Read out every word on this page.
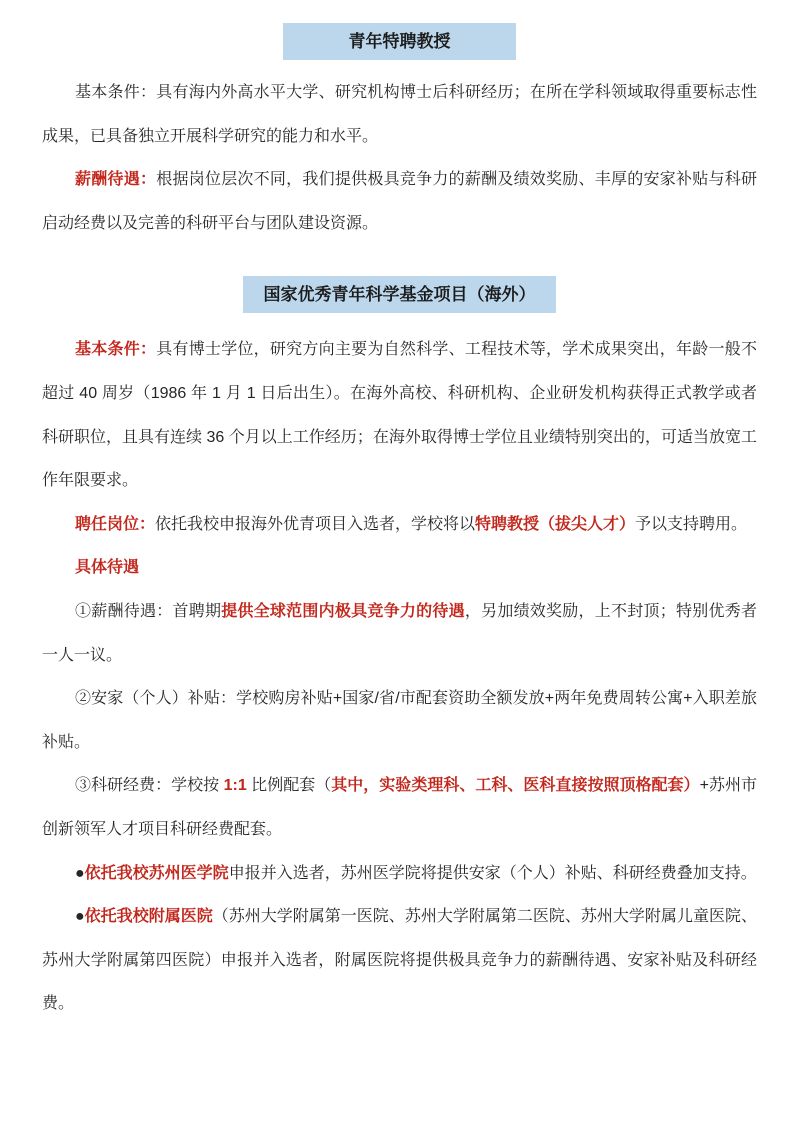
青年特聘教授

基本条件：具有海内外高水平大学、研究机构博士后科研经历；在所在学科领域取得重要标志性成果，已具备独立开展科学研究的能力和水平。

薪酬待遇：根据岗位层次不同，我们提供极具竞争力的薪酬及绩效奖励、丰厚的安家补贴与科研启动经费以及完善的科研平台与团队建设资源。

国家优秀青年科学基金项目（海外）

基本条件：具有博士学位，研究方向主要为自然科学、工程技术等，学术成果突出，年龄一般不超过 40 周岁（1986 年 1 月 1 日后出生）。在海外高校、科研机构、企业研发机构获得正式教学或者科研职位，且具有连续 36 个月以上工作经历；在海外取得博士学位且业绩特别突出的，可适当放宽工作年限要求。

聘任岗位：依托我校申报海外优青项目入选者，学校将以特聘教授（拔尖人才）予以支持聘用。

具体待遇

①薪酬待遇：首聘期提供全球范围内极具竞争力的待遇，另加绩效奖励，上不封顶；特别优秀者一人一议。

②安家（个人）补贴：学校购房补贴+国家/省/市配套资助全额发放+两年免费周转公寓+入职差旅补贴。

③科研经费：学校按 1:1 比例配套（其中，实验类理科、工科、医科直接按照顶格配套）+苏州市创新领军人才项目科研经费配套。

●依托我校苏州医学院申报并入选者，苏州医学院将提供安家（个人）补贴、科研经费叠加支持。

●依托我校附属医院（苏州大学附属第一医院、苏州大学附属第二医院、苏州大学附属儿童医院、苏州大学附属第四医院）申报并入选者，附属医院将提供极具竞争力的薪酬待遇、安家补贴及科研经费。
